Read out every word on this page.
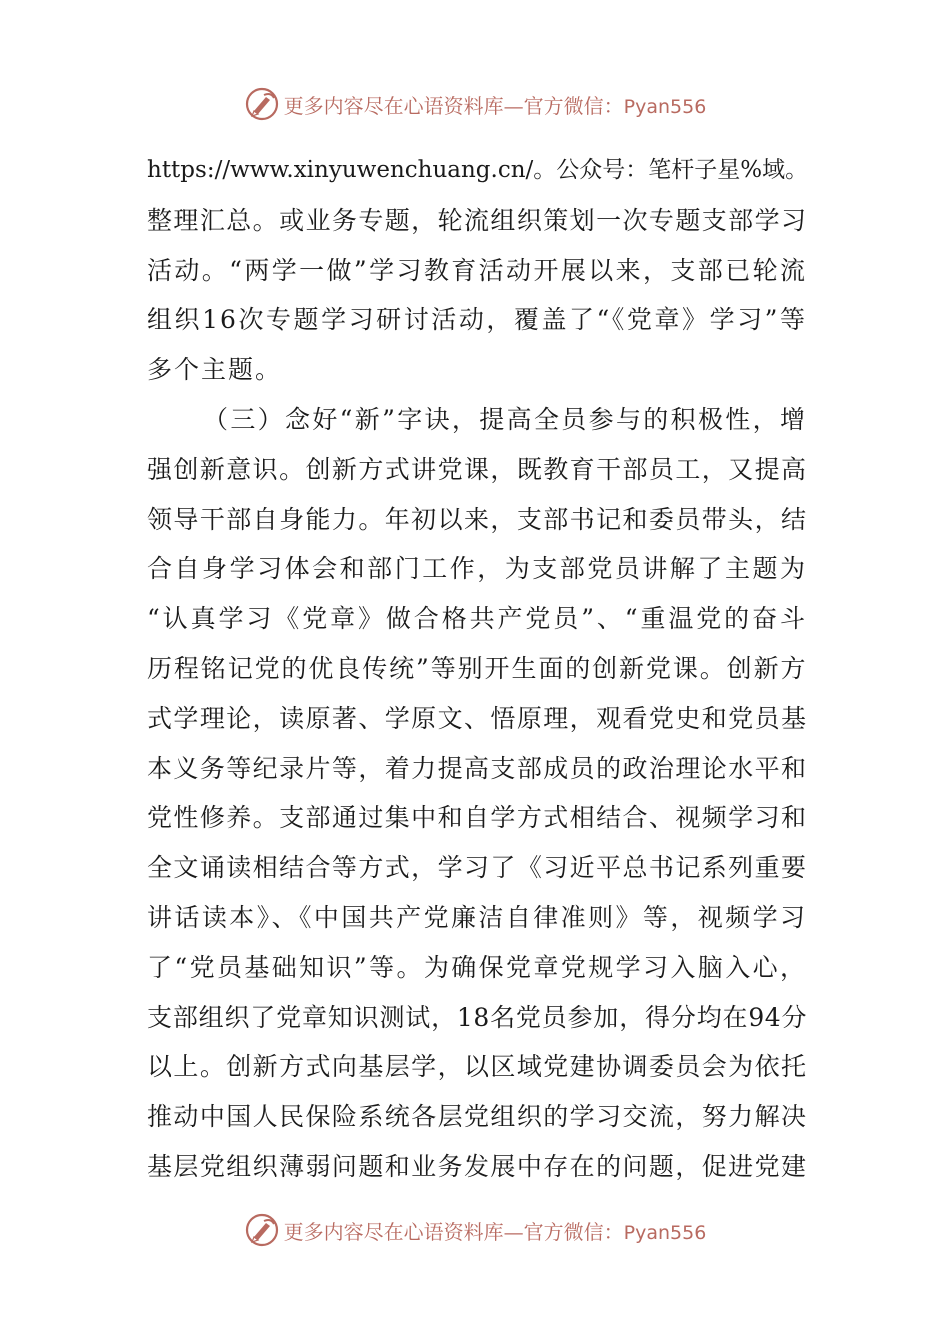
更多内容尽在心语资料库—官方微信：Pyan556
https://www.xinyuwenchuang.cn/。公众号：笔杆子星%域。
整理汇总。或业务专题，轮流组织策划一次专题支部学习
活动。“两学一做”学习教育活动开展以来，支部已轮流
组织16次专题学习研讨活动，覆盖了“《党章》学习”等
多个主题。
（三）念好“新”字诀，提高全员参与的积极性，增
强创新意识。创新方式讲党课，既教育干部员工，又提高
领导干部自身能力。年初以来，支部书记和委员带头，结
合自身学习体会和部门工作，为支部党员讲解了主题为
“认真学习《党章》做合格共产党员”、“重温党的奋斗
历程铭记党的优良传统”等别开生面的创新党课。创新方
式学理论，读原著、学原文、悟原理，观看党史和党员基
本义务等纪录片等，着力提高支部成员的政治理论水平和
党性修养。支部通过集中和自学方式相结合、视频学习和
全文诵读相结合等方式，学习了《习近平总书记系列重要
讲话读本》、《中国共产党廉洁自律准则》等，视频学习
了“党员基础知识”等。为确保党章党规学习入脑入心，
支部组织了党章知识测试，18名党员参加，得分均在94分
以上。创新方式向基层学，以区域党建协调委员会为依托
推动中国人民保险系统各层党组织的学习交流，努力解决
基层党组织薄弱问题和业务发展中存在的问题，促进党建
更多内容尽在心语资料库—官方微信：Pyan556
